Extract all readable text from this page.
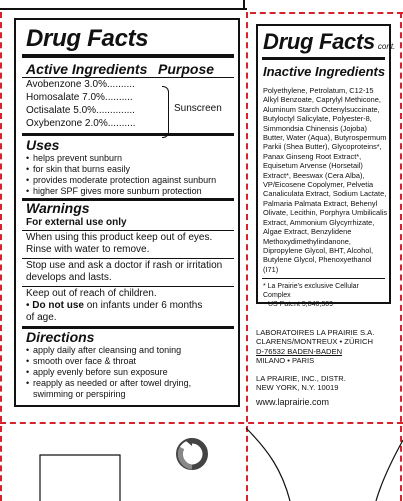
Drug Facts
Active Ingredients Purpose
Avobenzone 3.0%..........
Homosalate 7.0%..........
Octisalate 5.0%..............
Oxybenzone 2.0%..........
Sunscreen
Uses
• helps prevent sunburn
• for skin that burns easily
• provides moderate protection against sunburn
• higher SPF gives more sunburn protection
Warnings
For external use only
When using this product keep out of eyes.
Rinse with water to remove.
Stop use and ask a doctor if rash or irritation
develops and lasts.
Keep out of reach of children.
• Do not use on infants under 6 months
of age.
Directions
• apply daily after cleansing and toning
• smooth over face & throat
• apply evenly before sun exposure
• reapply as needed or after towel drying,
swimming or perspiring
Drug Facts cont.
Inactive Ingredients
Polyethylene, Petrolatum, C12-15 Alkyl Benzoate, Caprylyl Methicone, Aluminum Starch Octenylsuccinate, Butyloctyl Salicylate, Polyester-8, Simmondsia Chinensis (Jojoba) Butter, Water (Aqua), Butyrospermum Parkii (Shea Butter), Glycoproteins*, Panax Ginseng Root Extract*, Equisetum Arvense (Horsetail) Extract*, Beeswax (Cera Alba), VP/Eicosene Copolymer, Pelvetia Canaliculata Extract, Sodium Lactate, Palmaria Palmata Extract, Behenyl Olivate, Lecithin, Porphyra Umbilicalis Extract, Ammonium Glycyrrhizate, Algae Extract, Benzylidene Methoxydimethylindanone, Dipropylene Glycol, BHT, Alcohol, Butylene Glycol, Phenoxyethanol (I71)
* La Prairie's exclusive Cellular Complex
US Patent 5,840,309
LABORATOIRES LA PRAIRIE S.A.
CLARENS/MONTREUX • ZÜRICH
D-76532 BADEN-BADEN
MILANO • PARIS
LA PRAIRIE, INC., DISTR.
NEW YORK, N.Y. 10019
www.laprairie.com
